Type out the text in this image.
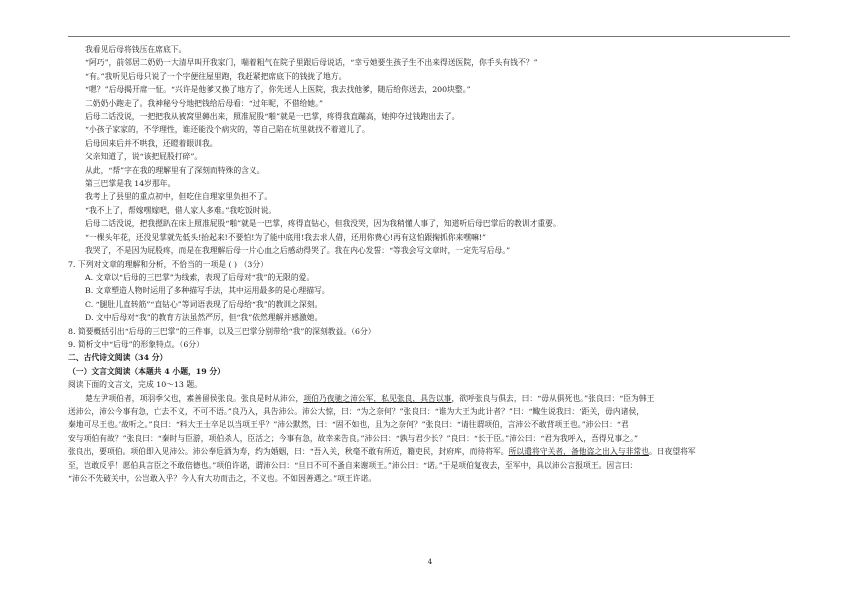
我看见后母将钱压在席底下。
“阿巧”，前邻居二奶奶一大清早叫开我家门，喘着粗气在院子里跟后母说话，“幸亏她要生孩子生不出来得送医院，你手头有钱不？”
“有。”我听见后母只说了一个字便往屋里跑，我赶紧把席底下的钱拢了地方。
“嗯？”后母揭开席一怔。“兴许是他爹又换了地方了，你先送人上医院，我去找他爹，随后给你送去，200块整。”
二奶奶小跑走了。我神秘兮兮地把钱给后母看：“过年呢，不借给她。”
后母二话没说，一把把我从被窝里薅出来，照准屁股“啪”就是一巴掌，疼得我直蹦高，她抑夺过钱跑出去了。
“小孩子家家的，不学理性，谁还能没个病灾的，等自己陷在坑里就找不着道儿了。
后母回来后并不哄我，还瞪着眼训我。
父亲知道了，说“该把屁股打碎”。
从此，“帮”字在我的理解里有了深刻而特殊的含义。
第三巴掌是我 14岁那年。
我考上了县里的重点初中，但吃住自理家里负担不了。
“我不上了，帮嫁嘿嫁吧，借人家人多难。”我吃饭时说。
后母二话没说，把我摁趴在床上照准屁股“啪”就是一巴掌，疼得直钻心，但我没哭，因为我稍懂人事了，知道听后母巴掌后的教训才重要。
“一棵头年花，还没见掌就先低头!抬起来!不要怕!为了能中底用!我去求人借，还用你费心!再有这怕跟掬抓你来嘿嘛!”
我哭了，不是因为屁股疼，而是在我理解后母一片心血之后感动得哭了。我在内心发誓：“等我会写文章时，一定先写后母。”
7. 下列对文章的理解和分析，不恰当的一项是 ( ) （3分）
A. 文章以“后母的三巴掌”为线索，表现了后母对“我”的无限的爱。
B. 文章塑造人物时运用了多种描写手法，其中运用最多的是心理描写。
C. “腿肚儿直转筋”“直钻心”等词语表现了后母给“我”的教训之深刻。
D. 文中后母对“我”的教育方法虽然严厉，但“我”依然理解并感激她。
8. 简要概括引出“后母的三巴掌”的三件事，以及三巴掌分别带给“我”的深刻教益。（6分）
9. 简析文中“后母”的形象特点。（6分）
二、古代诗文阅读（34 分）
（一）文言文阅读（本题共 4 小题，19 分）
阅读下面的文言文，完成 10～13 题。
楚左尹项伯者，项羽季父也，素善留侯张良。张良是时从沛公，项伯乃夜驰之沛公军，私见张良，具告以事，欲呼张良与俱去，曰：“毋从俱死也。”张良曰：“臣为韩王
送沛公，沛公今事有急，亡去不义，不可不语。”良乃入，具告沛公。沛公大惊，曰：“为之奈何？”张良曰：“谁为大王为此计者？”曰：“鲰生说我曰：‘距关，毋内诸侯，
秦地可尽王也。’故听之。”良曰：“料大王士卒足以当项王乎？”沛公默然，曰：“固不如也，且为之奈何？”张良曰：“请往谓项伯，言沛公不敢背项王也。”沛公曰：“君
安与项伯有故？”张良曰：“秦时与臣游，项伯杀人，臣活之；今事有急，故幸来告良。”沛公曰：“孰与君少长？”良曰：“长于臣。”沛公曰：“君为我呼入，吾得兄事之。”
张良出，要项伯。项伯即入见沛公。沛公奉卮酒为寿，约为婚姻，曰：“吾入关，秋毫不敢有所近，籍吏民，封府库，而待将军。所以遣将守关者，备他盗之出入与非常也。日夜望将军
至，岂敢反乎！愿伯具言臣之不敢倍德也。”项伯许诺，谓沛公曰：“旦日不可不蚤自来谢项王。”沛公曰：“诺。”于是项伯复夜去，至军中，具以沛公言报项王。因言曰：
“沛公不先破关中，公岂敢入乎？今人有大功而击之，不义也。不如因善遇之。”项王许诺。
4
